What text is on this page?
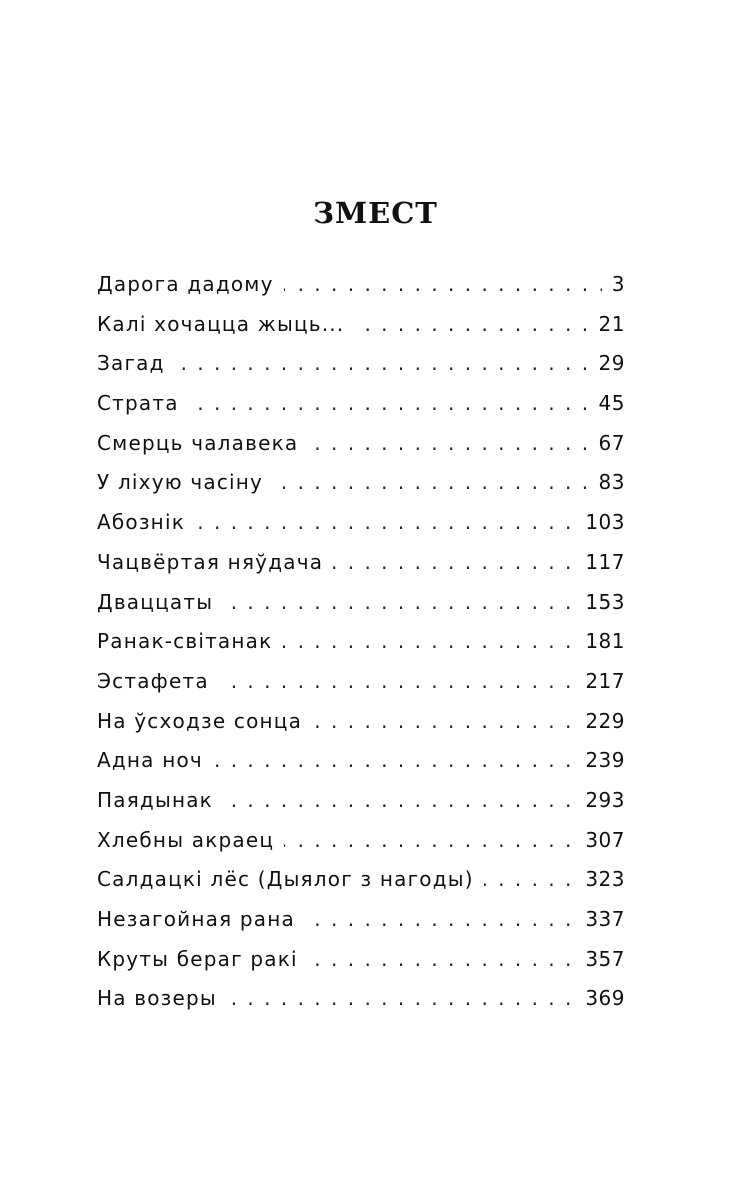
ЗМЕСТ
Дарога дадому	3
. . .
Калі хочацца жыць...	21
. . .
Загад	29
. . .
Страта	45
. . .
Смерць чалавека	67
. . .
У ліхую часіну	83
. . .
Абознік	103
. . .
Чацвёртая няўдача	117
. . .
Дваццаты	153
. . .
Ранак-світанак	181
. . .
Эстафета	217
. . .
На ўсходзе сонца	229
. . .
Адна ноч	239
. . .
Паядынак	293
. . .
Хлебны акраец	307
. . .
Салдацкі лёс (Дыялог з нагоды)	323
. . .
Незагойная рана	337
. . .
Круты бераг ракі	357
. . .
На возеры	369
. . .
